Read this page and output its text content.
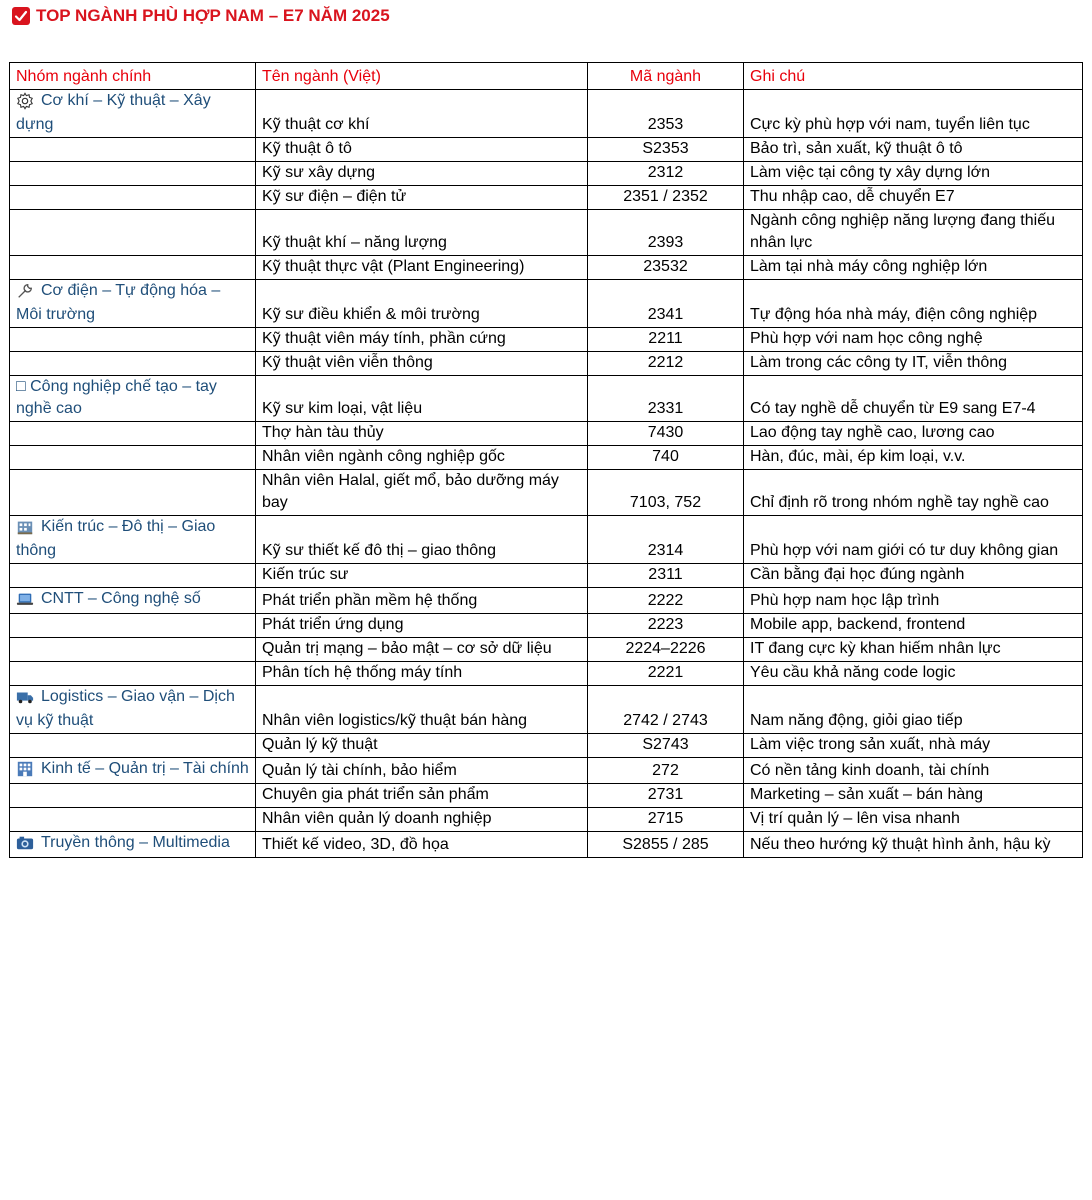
TOP NGÀNH PHÙ HỢP NAM – E7 NĂM 2025
Nhóm ngành chính	Tên ngành (Việt)	Mã ngành	Ghi chú
Cơ khí – Kỹ thuật – Xây dựng	Kỹ thuật cơ khí	2353	Cực kỳ phù hợp với nam, tuyển liên tục
	Kỹ thuật ô tô	S2353	Bảo trì, sản xuất, kỹ thuật ô tô
	Kỹ sư xây dựng	2312	Làm việc tại công ty xây dựng lớn
	Kỹ sư điện – điện tử	2351 / 2352	Thu nhập cao, dễ chuyển E7
	Kỹ thuật khí – năng lượng	2393	Ngành công nghiệp năng lượng đang thiếu nhân lực
	Kỹ thuật thực vật (Plant Engineering)	23532	Làm tại nhà máy công nghiệp lớn
Cơ điện – Tự động hóa – Môi trường	Kỹ sư điều khiển & môi trường	2341	Tự động hóa nhà máy, điện công nghiệp
	Kỹ thuật viên máy tính, phần cứng	2211	Phù hợp với nam học công nghệ
	Kỹ thuật viên viễn thông	2212	Làm trong các công ty IT, viễn thông
□ Công nghiệp chế tạo – tay nghề cao	Kỹ sư kim loại, vật liệu	2331	Có tay nghề dễ chuyển từ E9 sang E7-4
	Thợ hàn tàu thủy	7430	Lao động tay nghề cao, lương cao
	Nhân viên ngành công nghiệp gốc	740	Hàn, đúc, mài, ép kim loại, v.v.
	Nhân viên Halal, giết mổ, bảo dưỡng máy bay	7103, 752	Chỉ định rõ trong nhóm nghề tay nghề cao
Kiến trúc – Đô thị – Giao thông	Kỹ sư thiết kế đô thị – giao thông	2314	Phù hợp với nam giới có tư duy không gian
	Kiến trúc sư	2311	Cần bằng đại học đúng ngành
CNTT – Công nghệ số	Phát triển phần mềm hệ thống	2222	Phù hợp nam học lập trình
	Phát triển ứng dụng	2223	Mobile app, backend, frontend
	Quản trị mạng – bảo mật – cơ sở dữ liệu	2224–2226	IT đang cực kỳ khan hiếm nhân lực
	Phân tích hệ thống máy tính	2221	Yêu cầu khả năng code logic
Logistics – Giao vận – Dịch vụ kỹ thuật	Nhân viên logistics/kỹ thuật bán hàng	2742 / 2743	Nam năng động, giỏi giao tiếp
	Quản lý kỹ thuật	S2743	Làm việc trong sản xuất, nhà máy
Kinh tế – Quản trị – Tài chính	Quản lý tài chính, bảo hiểm	272	Có nền tảng kinh doanh, tài chính
	Chuyên gia phát triển sản phẩm	2731	Marketing – sản xuất – bán hàng
	Nhân viên quản lý doanh nghiệp	2715	Vị trí quản lý – lên visa nhanh
Truyền thông – Multimedia	Thiết kế video, 3D, đồ họa	S2855 / 285	Nếu theo hướng kỹ thuật hình ảnh, hậu kỳ
